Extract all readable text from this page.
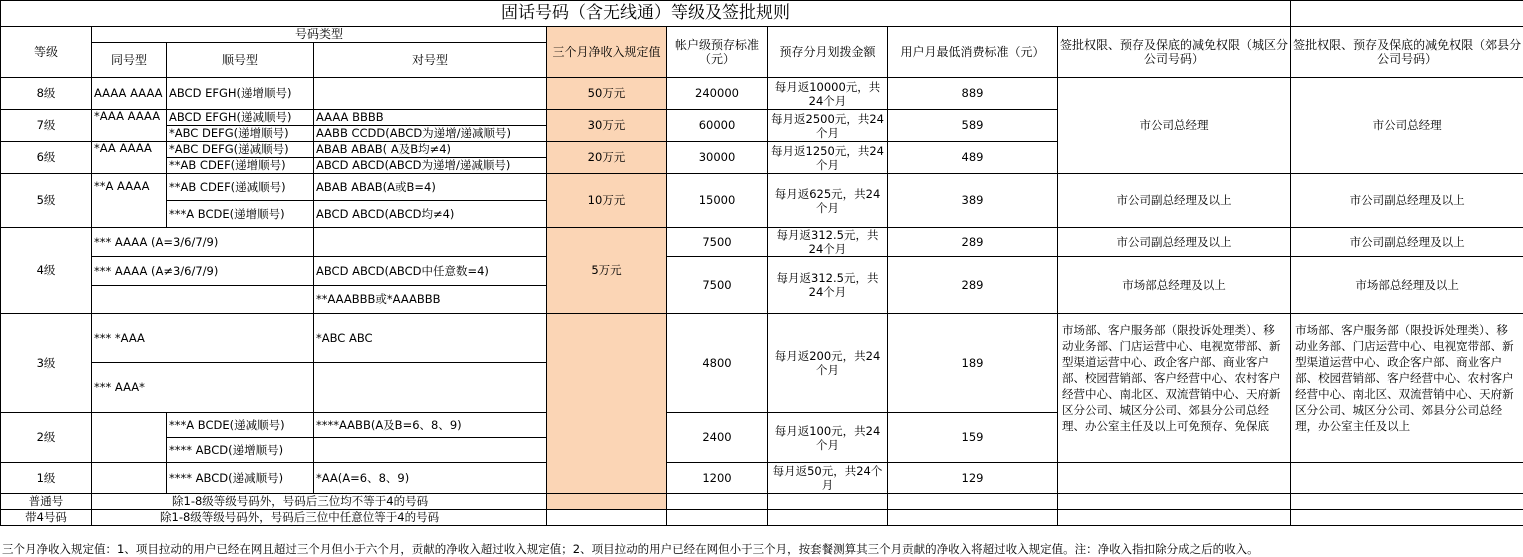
固话号码（含无线通）等级及签批规则									
等级	号码类型			三个月净收入规定值	帐户级预存标准（元）	预存分月划拨金额	用户月最低消费标准（元）	签批权限、预存及保底的减免权限（城区分公司号码）	签批权限、预存及保底的减免权限（郊县分公司号码）
	同号型	顺号型	对号型						
8级	AAAA AAAA	ABCD EFGH(递增顺号)		50万元	240000	每月返10000元，共24个月	889	市公司总经理	市公司总经理
7级	*AAA AAAA	ABCD EFGH(递减顺号)	AAAA BBBB	30万元	60000	每月返2500元，共24个月	589		
		*ABC DEFG(递增顺号)	AABB CCDD(ABCD为递增/递减顺号)						
6级	*AA AAAA	*ABC DEFG(递减顺号)	ABAB ABAB( A及B均≠4)	20万元	30000	每月返1250元，共24个月	489		
		**AB CDEF(递增顺号)	ABCD ABCD(ABCD为递增/递减顺号)						
5级	**A AAAA	**AB CDEF(递减顺号)	ABAB ABAB(A或B=4)	10万元	15000	每月返625元，共24个月	389	市公司副总经理及以上	市公司副总经理及以上
		***A BCDE(递增顺号)	ABCD ABCD(ABCD均≠4)						
4级	*** AAAA (A=3/6/7/9)			5万元	7500	每月返312.5元，共24个月	289	市公司副总经理及以上	市公司副总经理及以上
	*** AAAA (A≠3/6/7/9)		ABCD ABCD(ABCD中任意数=4)		7500	每月返312.5元，共24个月	289	市场部总经理及以上	市场部总经理及以上
			**AAABBB或*AAABBB						
3级	*** *AAA		*ABC ABC		4800	每月返200元，共24个月	189	市场部、客户服务部（限投诉处理类）、移动业务部、门店运营中心、电视宽带部、新型渠道运营中心、政企客户部、商业客户部、校园营销部、客户经营中心、农村客户经营中心、南北区、双流营销中心、天府新区分公司、城区分公司、郊县分公司总经理、办公室主任及以上可免预存、免保底	市场部、客户服务部（限投诉处理类）、移动业务部、门店运营中心、电视宽带部、新型渠道运营中心、政企客户部、商业客户部、校园营销部、客户经营中心、农村客户经营中心、南北区、双流营销中心、天府新区分公司、城区分公司、郊县分公司总经理，办公室主任及以上
	*** AAA*								
2级		***A BCDE(递减顺号)	****AABB(A及B=6、8、9)		2400	每月返100元，共24个月	159		
		**** ABCD(递增顺号)							
1级		**** ABCD(递减顺号)	*AA(A=6、8、9)		1200	每月返50元，共24个月	129		
普通号	除1-8级等级号码外，号码后三位均不等于4的号码								
带4号码	除1-8级等级号码外，号码后三位中任意位等于4的号码								
三个月净收入规定值：1、项目拉动的用户已经在网且超过三个月但小于六个月，贡献的净收入超过收入规定值；2、项目拉动的用户已经在网但小于三个月，按套餐测算其三个月贡献的净收入将超过收入规定值。注：净收入指扣除分成之后的收入。
